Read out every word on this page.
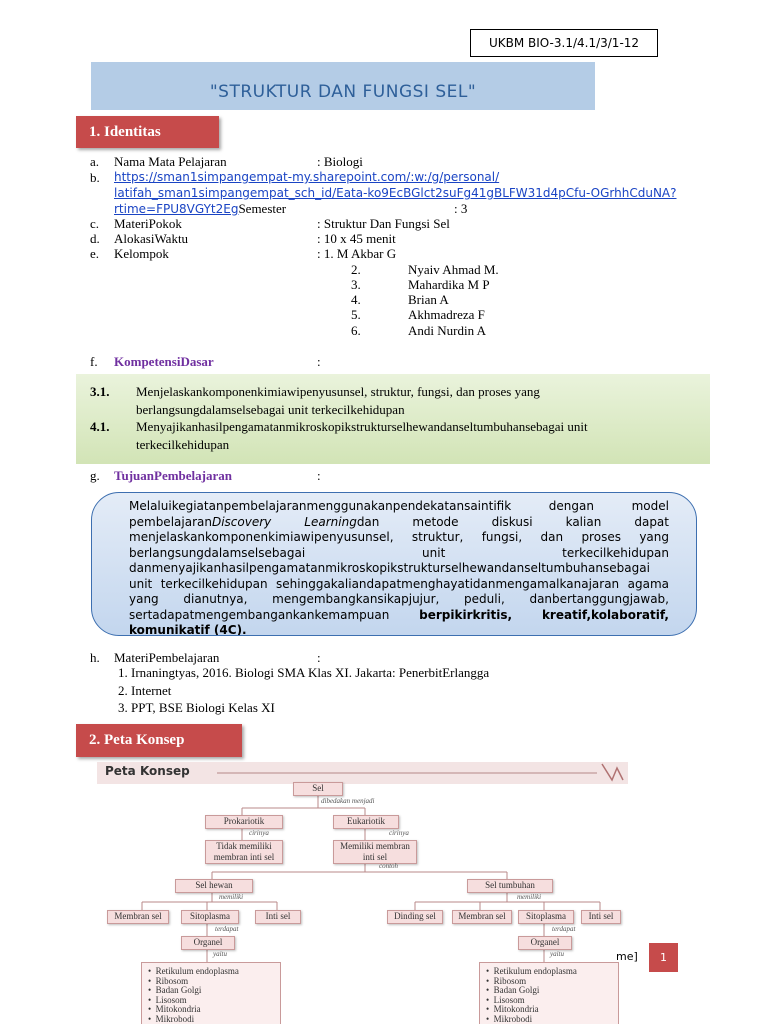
UKBM BIO-3.1/4.1/3/1-12
"STRUKTUR DAN FUNGSI SEL"
1. Identitas
a. Nama Mata Pelajaran	: Biologi
b.	https://sman1simpangempat-my.sharepoint.com/:w:/g/personal/
latifah_sman1simpangempat_sch_id/Eata-ko9EcBGlct2suFg41gBLFW31d4pCfu-OGrhhCduNA?
rtime=FPU8VGYt2EgSemester	: 3
c. MateriPokok	: Struktur Dan Fungsi Sel
d. AlokasiWaktu	: 10 x 45 menit
e. Kelompok	: 1. M Akbar G
2.	Nyaiv Ahmad M.
3.	Mahardika M P
4.	Brian A
5.	Akhmadreza F
6.	Andi Nurdin A
f. KompetensiDasar	:
3.1. Menjelaskankomponenkimiawipenyusunsel, struktur, fungsi, dan proses yang
berlangsungdalamselsebagai unit terkecilkehidupan
4.1. Menyajikanhasilpengamatanmikroskopikstrukturselhewandanseltumbuhansebagai unit
terkecilkehidupan
g. TujuanPembelajaran	:
Melaluikegiatanpembelajaranmenggunakanpendekatansaintifik dengan model
pembelajaranDiscovery Learningdan metode diskusi kalian dapat
menjelaskankomponenkimiawipenyusunsel, struktur, fungsi, dan proses yang
berlangsungdalamselsebagai unit terkecilkehidupan
danmenyajikanhasilpengamatanmikroskopikstrukturselhewandanseltumbuhansebagai
unit terkecilkehidupan sehinggakaliandapatmenghayatidanmengamalkanajaran agama
yang dianutnya, mengembangkansikapjujur, peduli, danbertanggungjawab,
sertadapatmengembangankankemampuan berpikirkritis, kreatif,kolaboratif,
komunikatif (4C).
h. MateriPembelajaran	:
1. Irnaningtyas, 2016. Biologi SMA Klas XI. Jakarta: PenerbitErlangga
2. Internet
3. PPT, BSE Biologi Kelas XI
2. Peta Konsep
Peta Konsep
Sel
dibedakan menjadi
Prokariotik	Eukariotik
cirinya	cirinya
Tidak memiliki membran inti sel
Memiliki membran inti sel
contoh
Sel hewan	Sel tumbuhan
memiliki	memiliki
Membran sel	Sitoplasma	Inti sel	Dinding sel	Membran sel	Sitoplasma	Inti sel
terdapat	terdapat
Organel	Organel
yaitu	yaitu
•  Retikulum endoplasma
•  Ribosom
•  Badan Golgi
•  Lisosom
•  Mitokondria
•  Mikrobodi
•  Retikulum endoplasma
•  Ribosom
•  Badan Golgi
•  Lisosom
•  Mitokondria
•  Mikrobodi
me]	1
